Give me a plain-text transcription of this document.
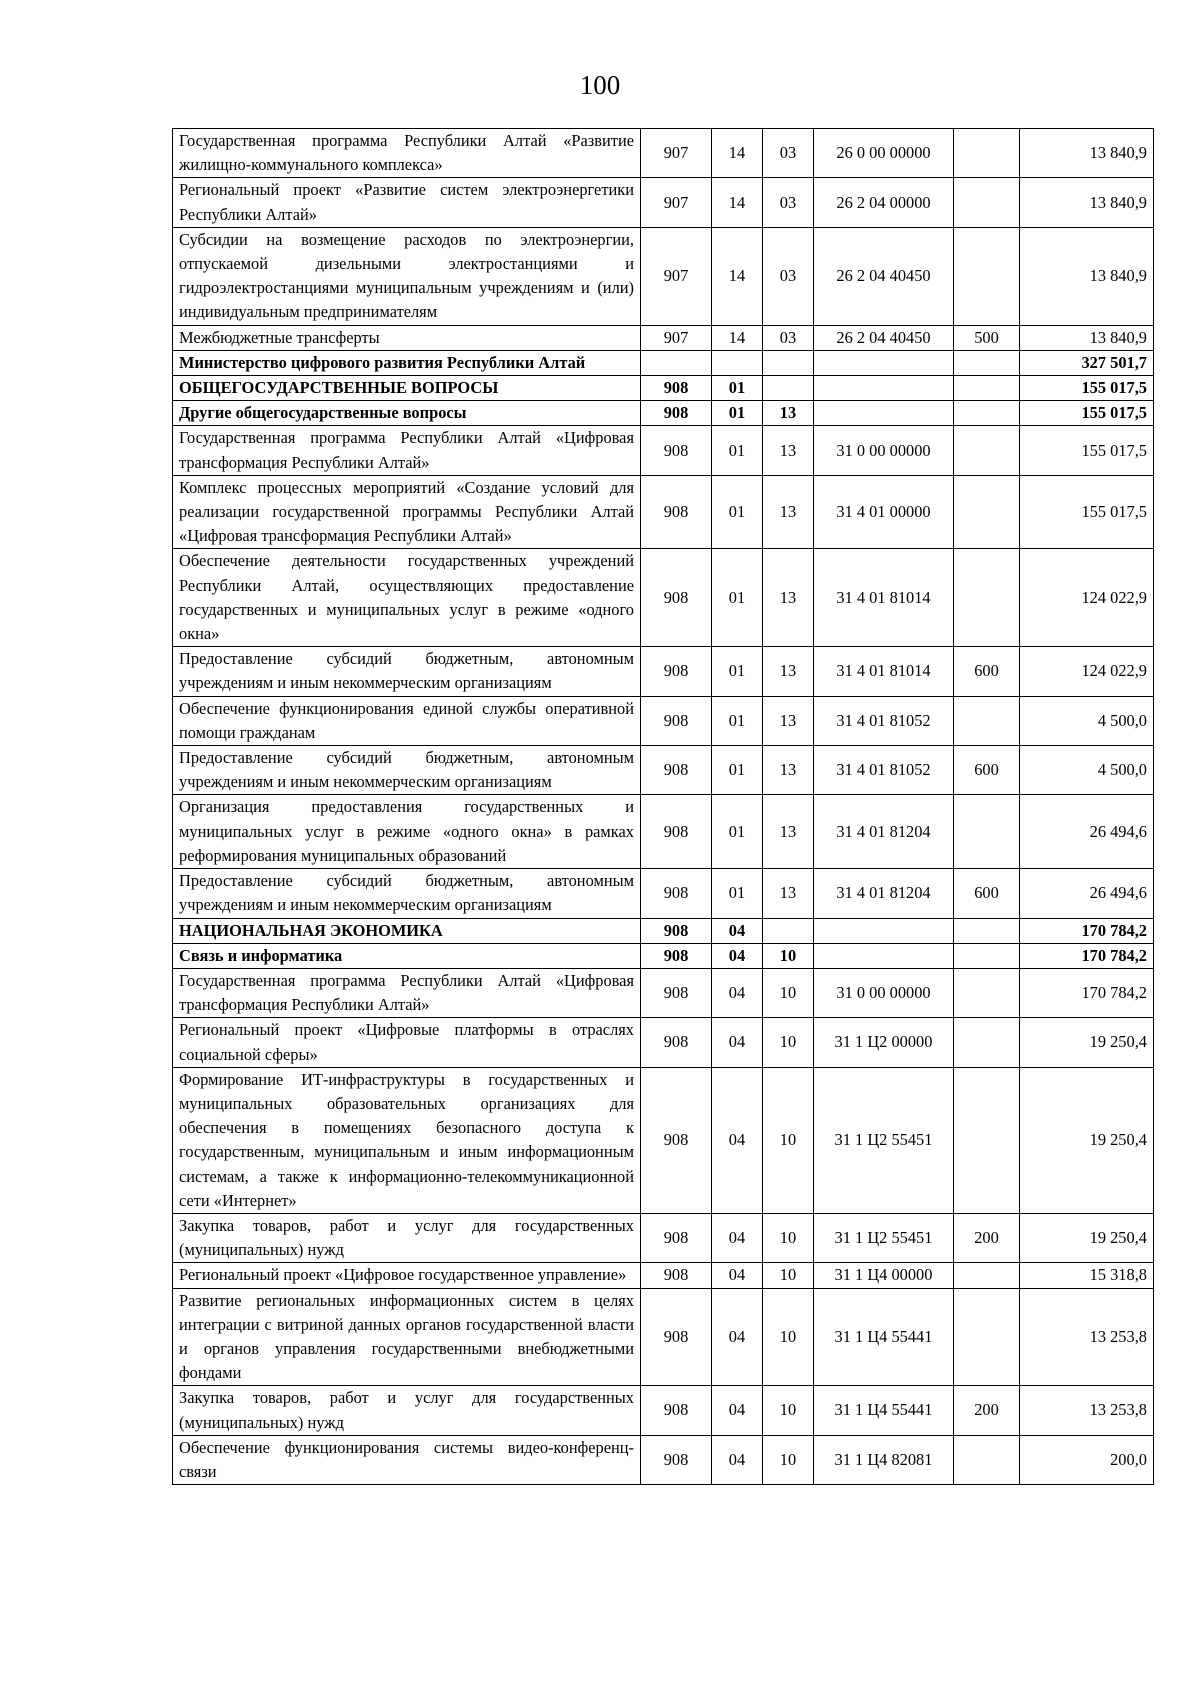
100
Государственная программа Республики Алтай «Развитие жилищно-коммунального комплекса»	907	14	03	26 0 00 00000		13 840,9
Региональный проект «Развитие систем электроэнергетики Республики Алтай»	907	14	03	26 2 04 00000		13 840,9
Субсидии на возмещение расходов по электроэнергии, отпускаемой дизельными электростанциями и гидроэлектростанциями муниципальным учреждениям и (или) индивидуальным предпринимателям	907	14	03	26 2 04 40450		13 840,9
Межбюджетные трансферты	907	14	03	26 2 04 40450	500	13 840,9
Министерство цифрового развития Республики Алтай						327 501,7
ОБЩЕГОСУДАРСТВЕННЫЕ ВОПРОСЫ	908	01				155 017,5
Другие общегосударственные вопросы	908	01	13			155 017,5
Государственная программа Республики Алтай «Цифровая трансформация Республики Алтай»	908	01	13	31 0 00 00000		155 017,5
Комплекс процессных мероприятий «Создание условий для реализации государственной программы Республики Алтай «Цифровая трансформация Республики Алтай»	908	01	13	31 4 01 00000		155 017,5
Обеспечение деятельности государственных учреждений Республики Алтай, осуществляющих предоставление государственных и муниципальных услуг в режиме «одного окна»	908	01	13	31 4 01 81014		124 022,9
Предоставление субсидий бюджетным, автономным учреждениям и иным некоммерческим организациям	908	01	13	31 4 01 81014	600	124 022,9
Обеспечение функционирования единой службы оперативной помощи гражданам	908	01	13	31 4 01 81052		4 500,0
Предоставление субсидий бюджетным, автономным учреждениям и иным некоммерческим организациям	908	01	13	31 4 01 81052	600	4 500,0
Организация предоставления государственных и муниципальных услуг в режиме «одного окна» в рамках реформирования муниципальных образований	908	01	13	31 4 01 81204		26 494,6
Предоставление субсидий бюджетным, автономным учреждениям и иным некоммерческим организациям	908	01	13	31 4 01 81204	600	26 494,6
НАЦИОНАЛЬНАЯ ЭКОНОМИКА	908	04				170 784,2
Связь и информатика	908	04	10			170 784,2
Государственная программа Республики Алтай «Цифровая трансформация Республики Алтай»	908	04	10	31 0 00 00000		170 784,2
Региональный проект «Цифровые платформы в отраслях социальной сферы»	908	04	10	31 1 Ц2 00000		19 250,4
Формирование ИТ-инфраструктуры в государственных и муниципальных образовательных организациях для обеспечения в помещениях безопасного доступа к государственным, муниципальным и иным информационным системам, а также к информационно-телекоммуникационной сети «Интернет»	908	04	10	31 1 Ц2 55451		19 250,4
Закупка товаров, работ и услуг для государственных (муниципальных) нужд	908	04	10	31 1 Ц2 55451	200	19 250,4
Региональный проект «Цифровое государственное управление»	908	04	10	31 1 Ц4 00000		15 318,8
Развитие региональных информационных систем в целях интеграции с витриной данных органов государственной власти и органов управления государственными внебюджетными фондами	908	04	10	31 1 Ц4 55441		13 253,8
Закупка товаров, работ и услуг для государственных (муниципальных) нужд	908	04	10	31 1 Ц4 55441	200	13 253,8
Обеспечение функционирования системы видео-конференц-связи	908	04	10	31 1 Ц4 82081		200,0
